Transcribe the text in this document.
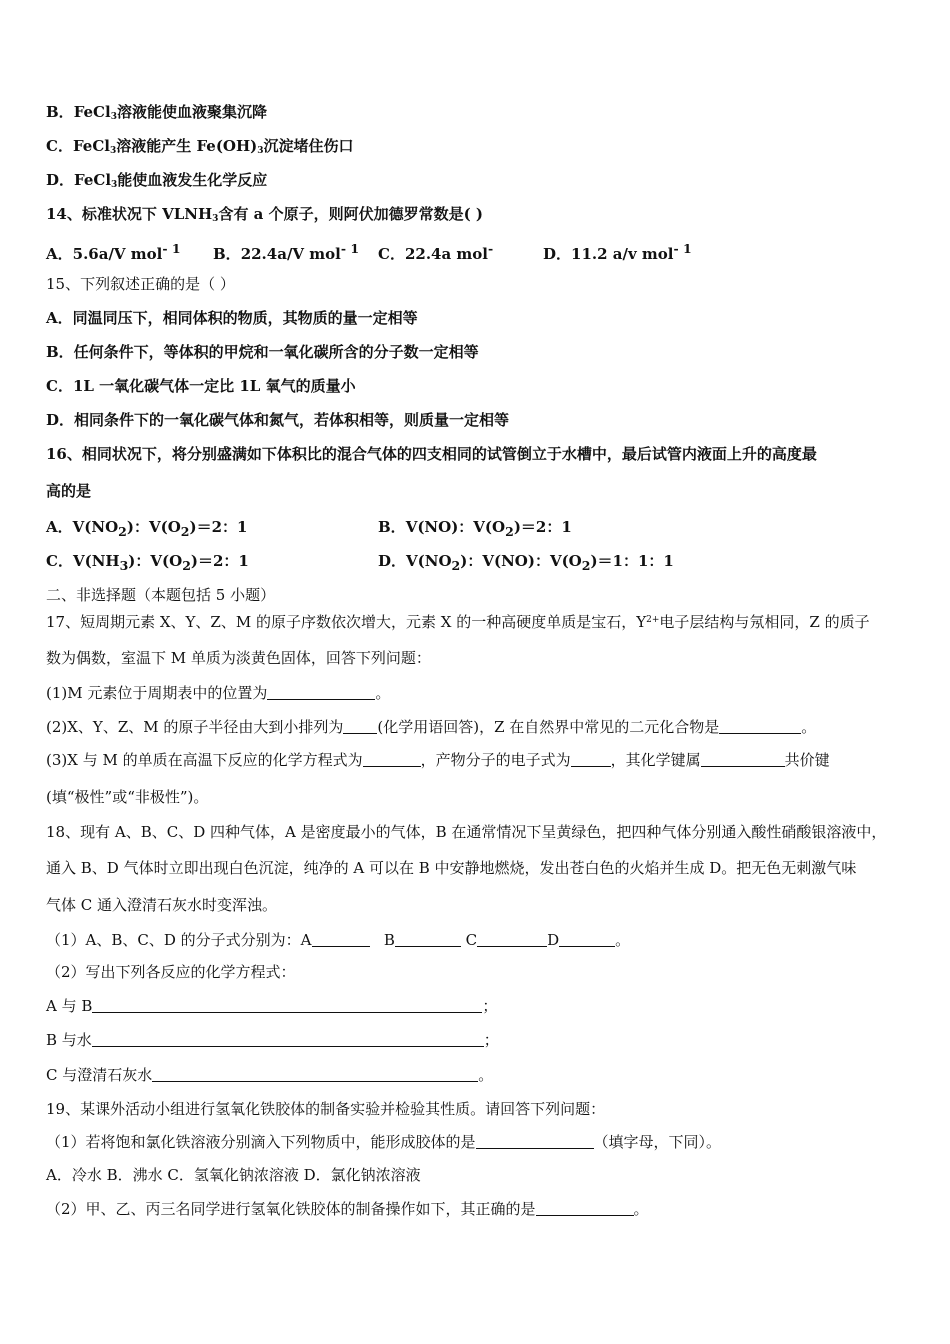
B．FeCl$_3$溶液能使血液聚集沉降
C．FeCl$_3$溶液能产生 $Fe(OH)_3$沉淀堵住伤口
D．FeCl$_3$能使血液发生化学反应
14、标准状况下 $VLNH_3$含有 a 个原子，则阿伏加德罗常数是( )
A．5.6a/V mol$^{- 1}$ B．22.4a/V mol$^{- 1}$ C．22.4a mol-	D．11.2 a/v mol$^{- 1}$
15、下列叙述正确的是（ ）
A．同温同压下，相同体积的物质，其物质的量一定相等
B．任何条件下，等体积的甲烷和一氧化碳所含的分子数一定相等
C．1L 一氧化碳气体一定比 1L 氧气的质量小
D．相同条件下的一氧化碳气体和氮气，若体积相等，则质量一定相等
16、相同状况下，将分别盛满如下体积比的混合气体的四支相同的试管倒立于水槽中，最后试管内液面上升的高度最
高的是
A．$V(NO_2)$：$V(O_2)=2$：1	B．V(NO)：$V(O_2)=2$：1
C．$V(NH_3)$：$V(O_2)=2$：1	D．$V(NO_2)$：V(NO)：$V(O_2)=1$：1：1
二、非选择题（本题包括 5 小题）
17、短周期元素 X、Y、Z、M 的原子序数依次增大，元素 X 的一种高硬度单质是宝石，$Y^{2+}$电子层结构与氖相同，Z 的质子
数为偶数，室温下 M 单质为淡黄色固体，回答下列问题：
(1)M 元素位于周期表中的位置为	。
(2)X、Y、Z、M 的原子半径由大到小排列为 (化学用语回答)，Z 在自然界中常见的二元化合物是	。
(3)X 与 M 的单质在高温下反应的化学方程式为	，产物分子的电子式为	，其化学键属	共价键
(填“极性”或“非极性”)。
18、现有 A、B、C、D 四种气体，A 是密度最小的气体，B 在通常情况下呈黄绿色，把四种气体分别通入酸性硝酸银溶液中，
通入 B、D 气体时立即出现白色沉淀，纯净的 A 可以在 B 中安静地燃烧，发出苍白色的火焰并生成 D。把无色无刺激气味
气体 C 通入澄清石灰水时变浑浊。
（1）A、B、C、D 的分子式分别为：A	B	C	D	。
（2）写出下列各反应的化学方程式：
A 与 B	；
B 与水	；
C 与澄清石灰水	。
19、某课外活动小组进行氢氧化铁胶体的制备实验并检验其性质。请回答下列问题：
（1）若将饱和氯化铁溶液分别滴入下列物质中，能形成胶体的是	（填字母，下同）。
A．冷水 B．沸水 C．氢氧化钠浓溶液 D．氯化钠浓溶液
（2）甲、乙、丙三名同学进行氢氧化铁胶体的制备操作如下，其正确的是	。
